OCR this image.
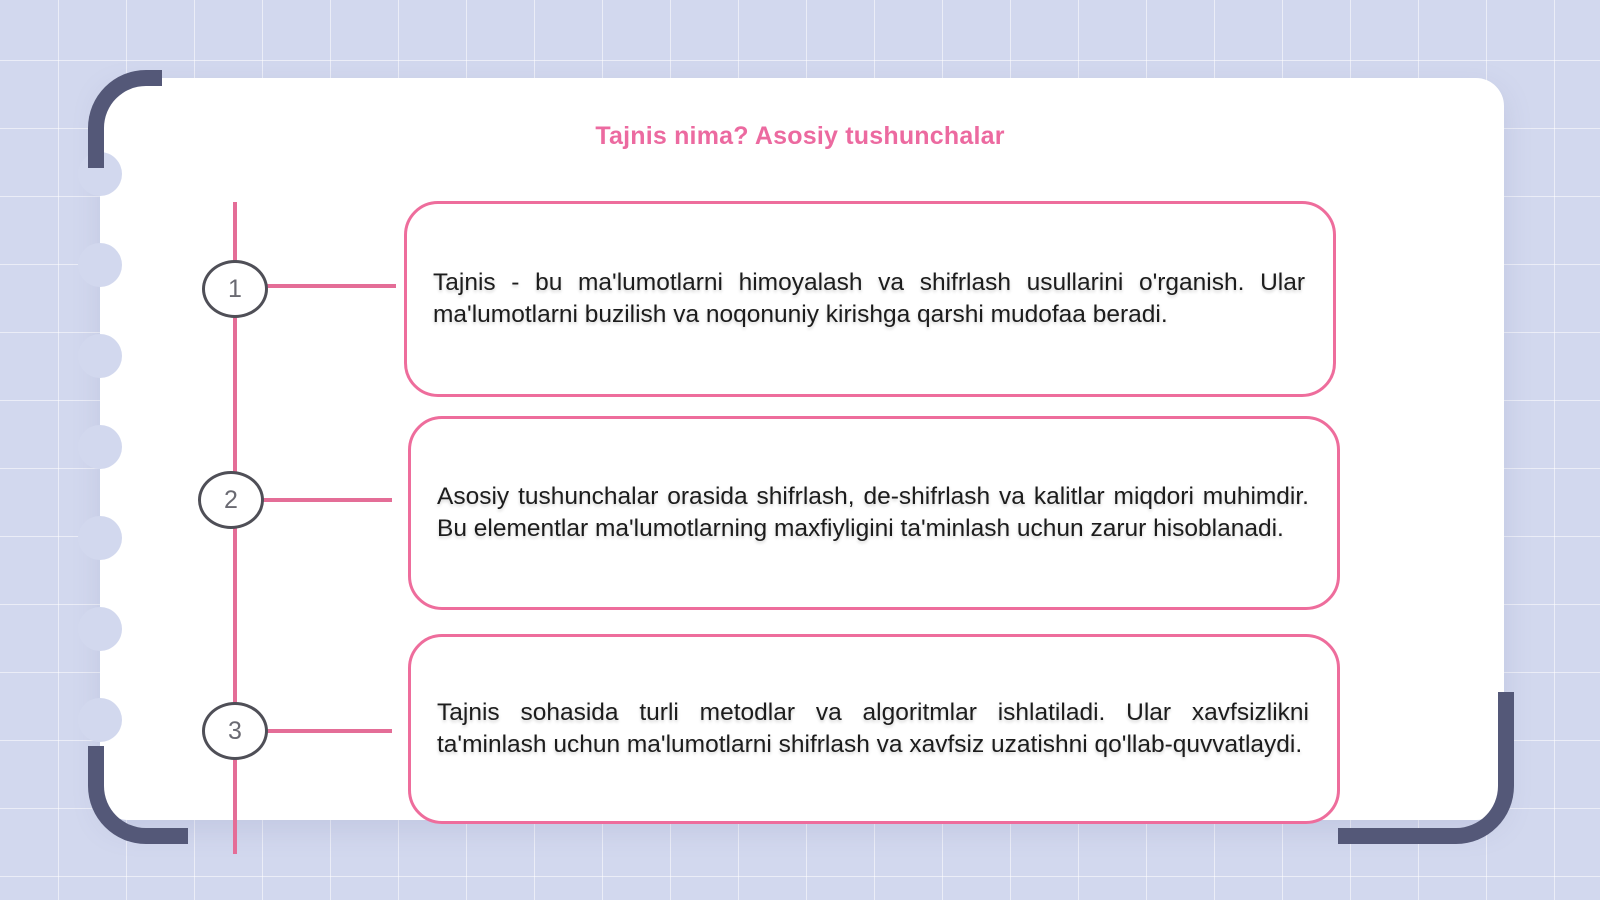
Tajnis nima? Asosiy tushunchalar
1	Tajnis - bu ma'lumotlarni himoyalash va shifrlash usullarini o'rganish. Ular ma'lumotlarni buzilish va noqonuniy kirishga qarshi mudofaa beradi.
2	Asosiy tushunchalar orasida shifrlash, de-shifrlash va kalitlar miqdori muhimdir. Bu elementlar ma'lumotlarning maxfiyligini ta'minlash uchun zarur hisoblanadi.
3
Tajnis sohasida turli metodlar va algoritmlar ishlatiladi. Ular xavfsizlikni ta'minlash uchun ma'lumotlarni shifrlash va xavfsiz uzatishni qo'llab-quvvatlaydi.
